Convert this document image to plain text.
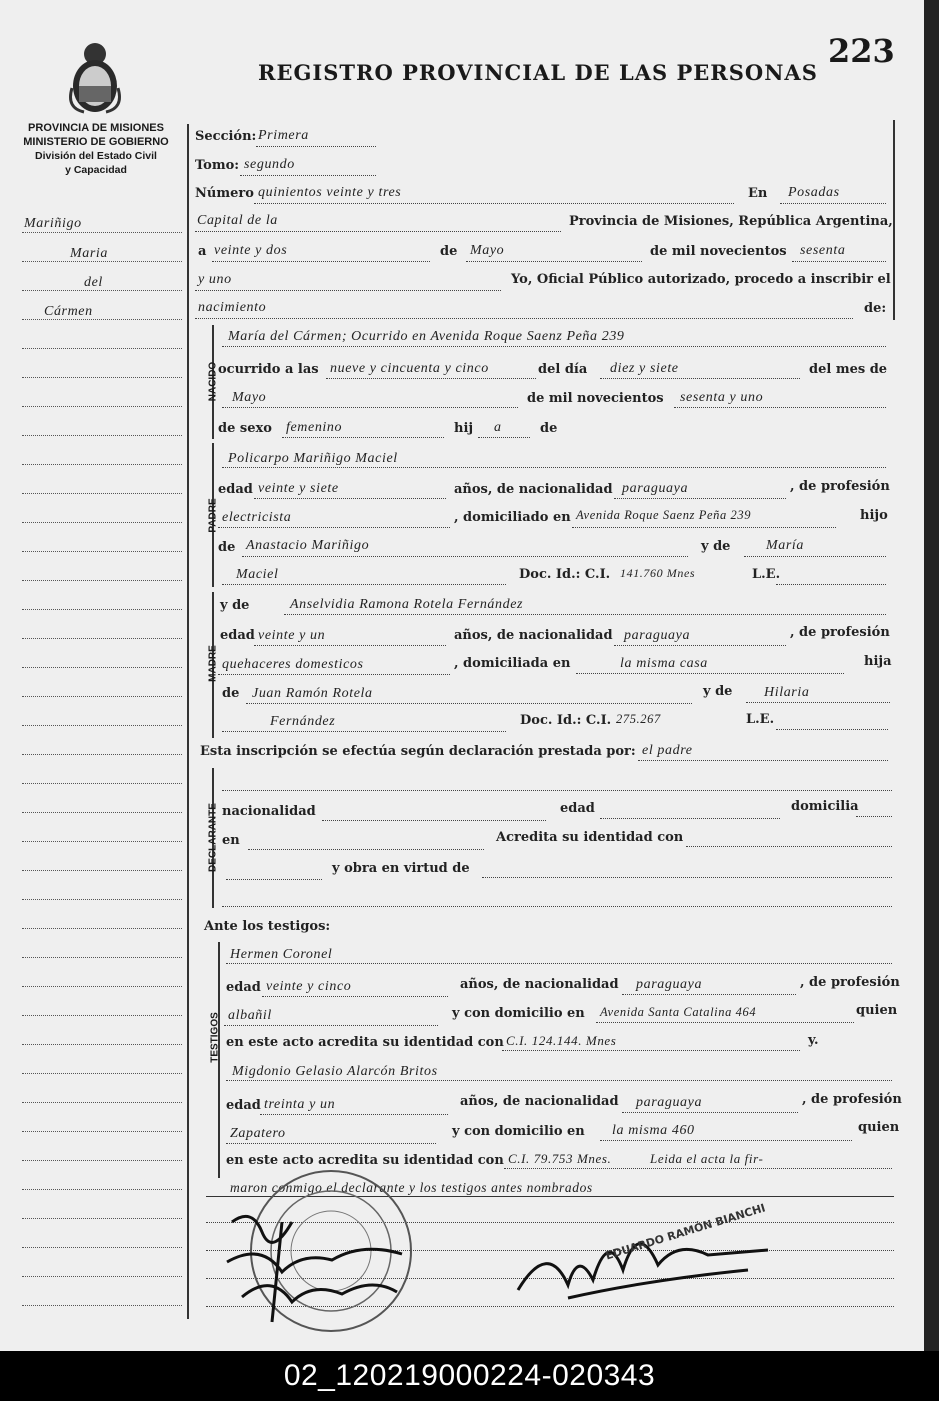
223
REGISTRO PROVINCIAL DE LAS PERSONAS
PROVINCIA DE MISIONES
MINISTERIO DE GOBIERNO
División del Estado Civil
y Capacidad
Mariñigo
Maria
del
Cármen
Sección: Primera
Tomo: segundo
Número quinientos veinte y tres	En Posadas
Capital de la	Provincia de Misiones, República Argentina,
a veinte y dos	de Mayo	de mil novecientos sesenta
y uno	Yo, Oficial Público autorizado, procedo a inscribir el
nacimiento	de:
NACIDO
María del Cármen; Ocurrido en Avenida Roque Saenz Peña 239
ocurrido a las nueve y cincuenta y cinco	del día diez y siete	del mes de
Mayo	de mil novecientos sesenta y uno
de sexo femenino	hij a	de
PADRE
Policarpo Mariñigo Maciel
edad veinte y siete	años, de nacionalidad paraguaya	, de profesión
electricista	, domiciliado en Avenida Roque Saenz Peña 239	hijo
de Anastacio Mariñigo	y de	María
Maciel	Doc. Id.: C.I. 141.760 Mnes	L.E.
MADRE
y de	Anselvidia Ramona Rotela Fernández
edad veinte y un	años, de nacionalidad paraguaya	, de profesión
quehaceres domesticos	, domiciliada en	la misma casa	hija
de Juan Ramón Rotela	y de Hilaria
Fernández	Doc. Id.: C.I. 275.267	L.E.
Esta inscripción se efectúa según declaración prestada por: el padre
DECLARANTE nacionalidad	edad	domicilia
en	Acredita su identidad con
y obra en virtud de
Ante los testigos:
TESTIGOS
Hermen Coronel
edad veinte y cinco	años, de nacionalidad paraguaya	, de profesión
albañil	y con domicilio en Avenida Santa Catalina 464	quien
en este acto acredita su identidad con C.I. 124.144. Mnes	y.
Migdonio Gelasio Alarcón Britos
edad treinta y un	años, de nacionalidad paraguaya	, de profesión
Zapatero	y con domicilio en la misma 460	quien
en este acto acredita su identidad con C.I. 79.753 Mnes.	Leida el acta la fir-
maron conmigo el declarante y los testigos antes nombrados
EDUARDO RAMÓN BIANCHI
02_120219000224-020343
